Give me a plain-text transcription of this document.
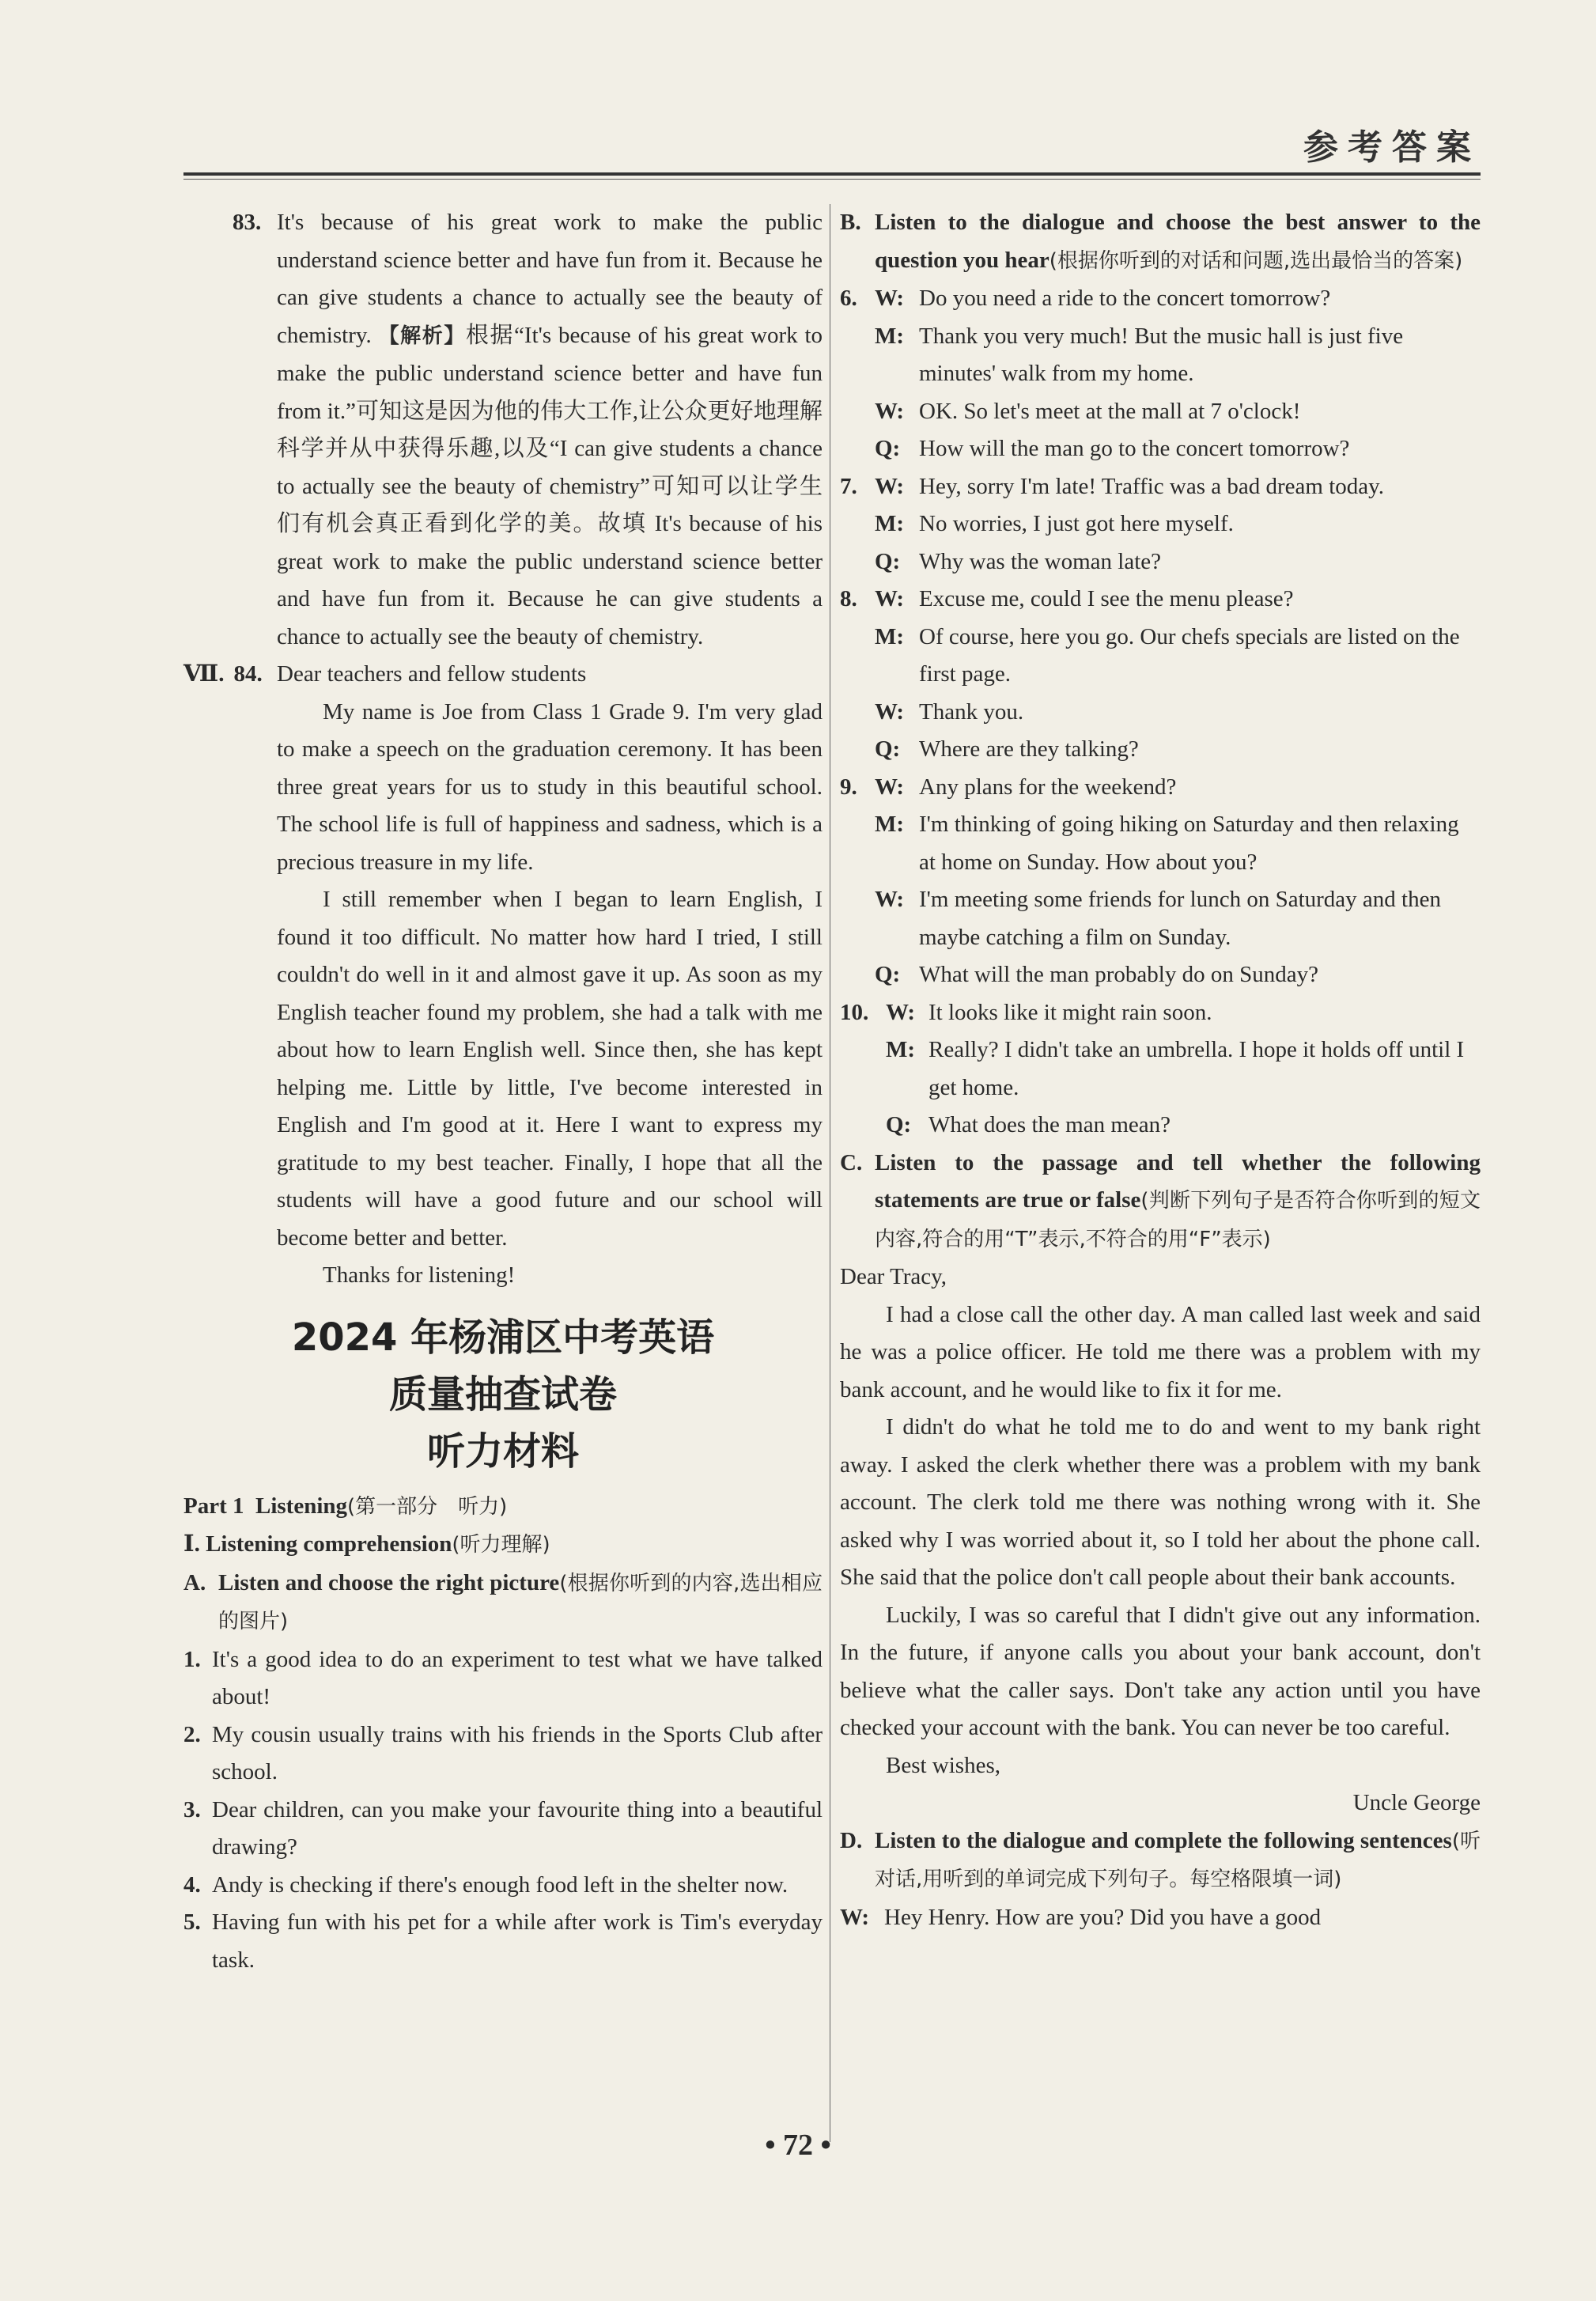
参考答案
83. It's because of his great work to make the public understand science better and have fun from it. Because he can give students a chance to actually see the beauty of chemistry. 【解析】根据“It's because of his great work to make the public understand science better and have fun from it.”可知这是因为他的伟大工作,让公众更好地理解科学并从中获得乐趣,以及“I can give students a chance to actually see the beauty of chemistry”可知可以让学生们有机会真正看到化学的美。故填 It's because of his great work to make the public understand science better and have fun from it. Because he can give students a chance to actually see the beauty of chemistry.
Ⅶ. 84. Dear teachers and fellow students
My name is Joe from Class 1 Grade 9. I'm very glad to make a speech on the graduation ceremony. It has been three great years for us to study in this beautiful school. The school life is full of happiness and sadness, which is a precious treasure in my life.
I still remember when I began to learn English, I found it too difficult. No matter how hard I tried, I still couldn't do well in it and almost gave it up. As soon as my English teacher found my problem, she had a talk with me about how to learn English well. Since then, she has kept helping me. Little by little, I've become interested in English and I'm good at it. Here I want to express my gratitude to my best teacher. Finally, I hope that all the students will have a good future and our school will become better and better.
Thanks for listening!
2024 年杨浦区中考英语
质量抽查试卷
听力材料
Part 1 Listening(第一部分　听力)
Ⅰ. Listening comprehension(听力理解)
A. Listen and choose the right picture(根据你听到的内容,选出相应的图片)
1. It's a good idea to do an experiment to test what we have talked about!
2. My cousin usually trains with his friends in the Sports Club after school.
3. Dear children, can you make your favourite thing into a beautiful drawing?
4. Andy is checking if there's enough food left in the shelter now.
5. Having fun with his pet for a while after work is Tim's everyday task.
B. Listen to the dialogue and choose the best answer to the question you hear(根据你听到的对话和问题,选出最恰当的答案)
6. W: Do you need a ride to the concert tomorrow?
M: Thank you very much! But the music hall is just five minutes' walk from my home.
W: OK. So let's meet at the mall at 7 o'clock!
Q: How will the man go to the concert tomorrow?
7. W: Hey, sorry I'm late! Traffic was a bad dream today.
M: No worries, I just got here myself.
Q: Why was the woman late?
8. W: Excuse me, could I see the menu please?
M: Of course, here you go. Our chefs specials are listed on the first page.
W: Thank you.
Q: Where are they talking?
9. W: Any plans for the weekend?
M: I'm thinking of going hiking on Saturday and then relaxing at home on Sunday. How about you?
W: I'm meeting some friends for lunch on Saturday and then maybe catching a film on Sunday.
Q: What will the man probably do on Sunday?
10. W: It looks like it might rain soon.
M: Really? I didn't take an umbrella. I hope it holds off until I get home.
Q: What does the man mean?
C. Listen to the passage and tell whether the following statements are true or false(判断下列句子是否符合你听到的短文内容,符合的用“T”表示,不符合的用“F”表示)
Dear Tracy,
I had a close call the other day. A man called last week and said he was a police officer. He told me there was a problem with my bank account, and he would like to fix it for me.
I didn't do what he told me to do and went to my bank right away. I asked the clerk whether there was a problem with my bank account. The clerk told me there was nothing wrong with it. She asked why I was worried about it, so I told her about the phone call. She said that the police don't call people about their bank accounts.
Luckily, I was so careful that I didn't give out any information. In the future, if anyone calls you about your bank account, don't believe what the caller says. Don't take any action until you have checked your account with the bank. You can never be too careful.
Best wishes,
Uncle George
D. Listen to the dialogue and complete the following sentences(听对话,用听到的单词完成下列句子。每空格限填一词)
W: Hey Henry. How are you? Did you have a good
• 72 •
